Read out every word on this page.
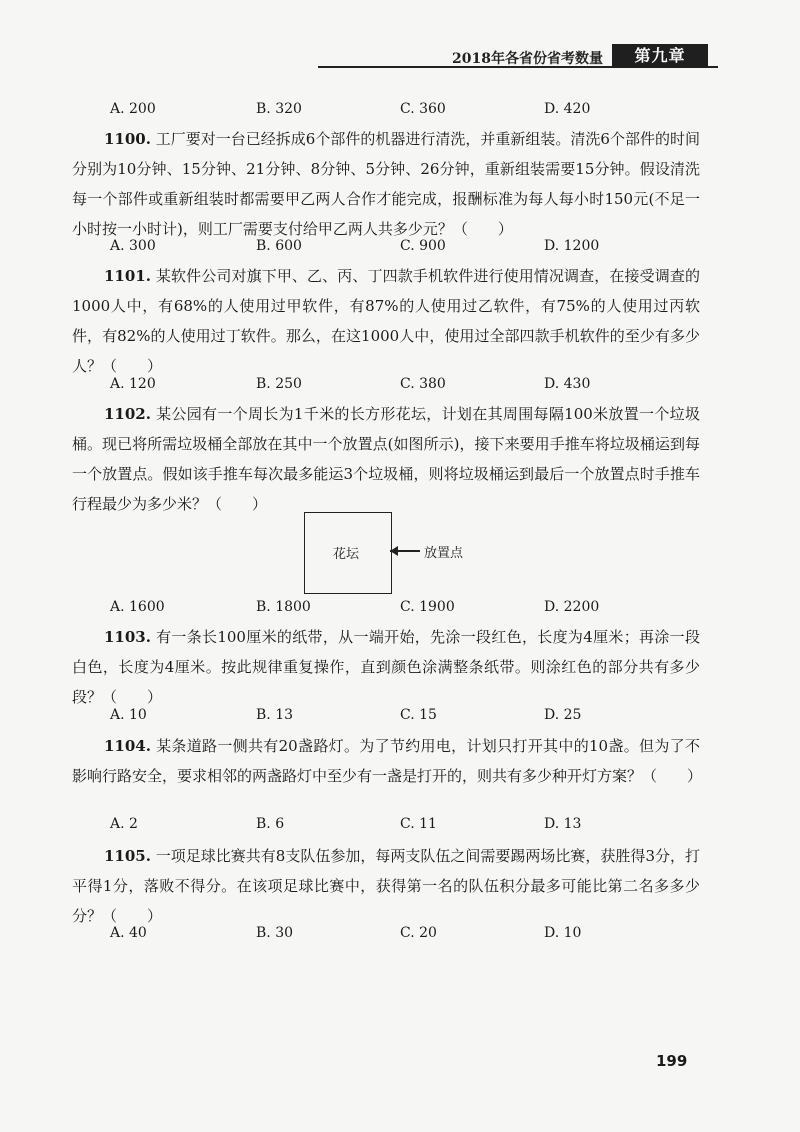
2018年各省份省考数量	第九章
A. 200	B. 320	C. 360	D. 420
1100. 工厂要对一台已经拆成6个部件的机器进行清洗，并重新组装。清洗6个部件的时间分别为10分钟、15分钟、21分钟、8分钟、5分钟、26分钟，重新组装需要15分钟。假设清洗每一个部件或重新组装时都需要甲乙两人合作才能完成，报酬标准为每人每小时150元(不足一小时按一小时计)，则工厂需要支付给甲乙两人共多少元？（　　）
A. 300	B. 600	C. 900	D. 1200
1101. 某软件公司对旗下甲、乙、丙、丁四款手机软件进行使用情况调查，在接受调查的1000人中，有68%的人使用过甲软件，有87%的人使用过乙软件，有75%的人使用过丙软件，有82%的人使用过丁软件。那么，在这1000人中，使用过全部四款手机软件的至少有多少人？（　　）
A. 120	B. 250	C. 380	D. 430
1102. 某公园有一个周长为1千米的长方形花坛，计划在其周围每隔100米放置一个垃圾桶。现已将所需垃圾桶全部放在其中一个放置点(如图所示)，接下来要用手推车将垃圾桶运到每一个放置点。假如该手推车每次最多能运3个垃圾桶，则将垃圾桶运到最后一个放置点时手推车行程最少为多少米？（　　）
花坛	放置点
A. 1600	B. 1800	C. 1900	D. 2200
1103. 有一条长100厘米的纸带，从一端开始，先涂一段红色，长度为4厘米；再涂一段白色，长度为4厘米。按此规律重复操作，直到颜色涂满整条纸带。则涂红色的部分共有多少段？（　　）
A. 10	B. 13	C. 15	D. 25
1104. 某条道路一侧共有20盏路灯。为了节约用电，计划只打开其中的10盏。但为了不影响行路安全，要求相邻的两盏路灯中至少有一盏是打开的，则共有多少种开灯方案？（　　）
A. 2	B. 6	C. 11	D. 13
1105. 一项足球比赛共有8支队伍参加，每两支队伍之间需要踢两场比赛，获胜得3分，打平得1分，落败不得分。在该项足球比赛中，获得第一名的队伍积分最多可能比第二名多多少分？（　　）
A. 40	B. 30	C. 20	D. 10
199
